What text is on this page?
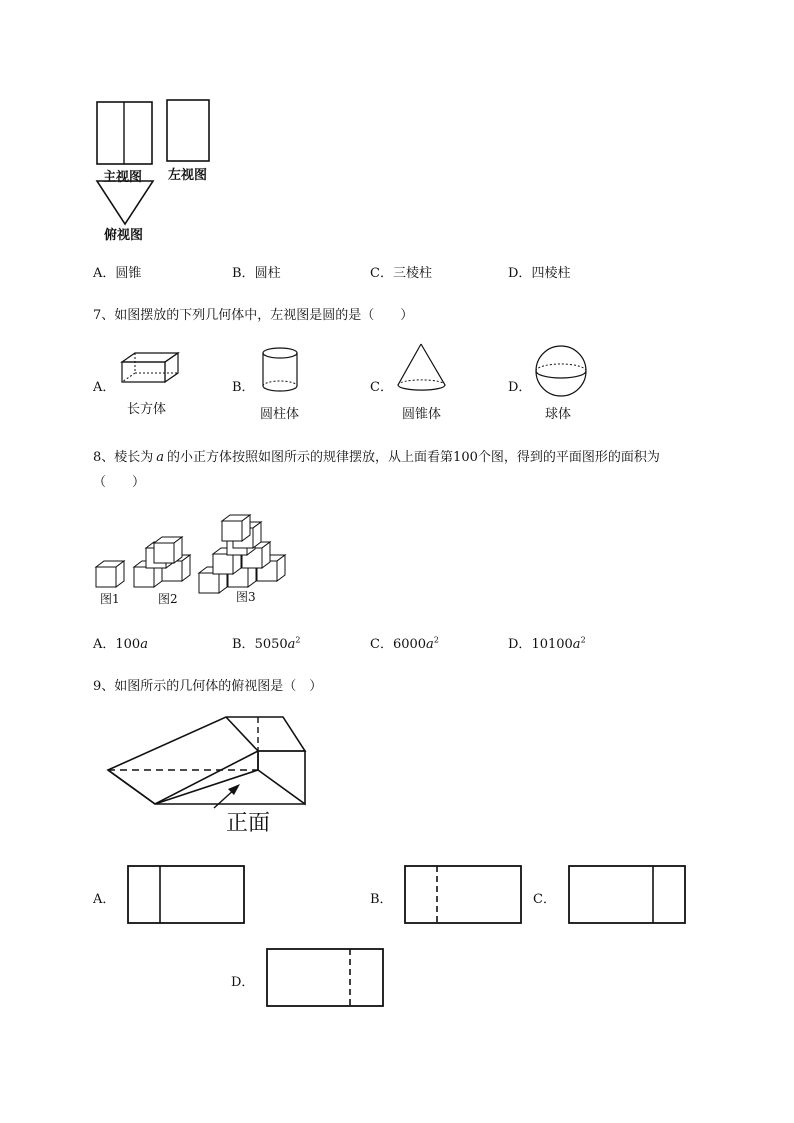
主视图 左视图
俯视图
A．圆锥	B．圆柱	C．三棱柱	D．四棱柱
7、如图摆放的下列几何体中，左视图是圆的是（　　）
A．
长方体
B．
圆柱体
C．
圆锥体
D．
球体
8、棱长为 a 的小正方体按照如图所示的规律摆放，从上面看第100个图，得到的平面图形的面积为
（　　）
图1	图2	图3
A．100a	B．$5050a^2$	C．$6000a^2$	D．$10100a^2$
9、如图所示的几何体的俯视图是（　）
正面
A．	B．	C．
D．
